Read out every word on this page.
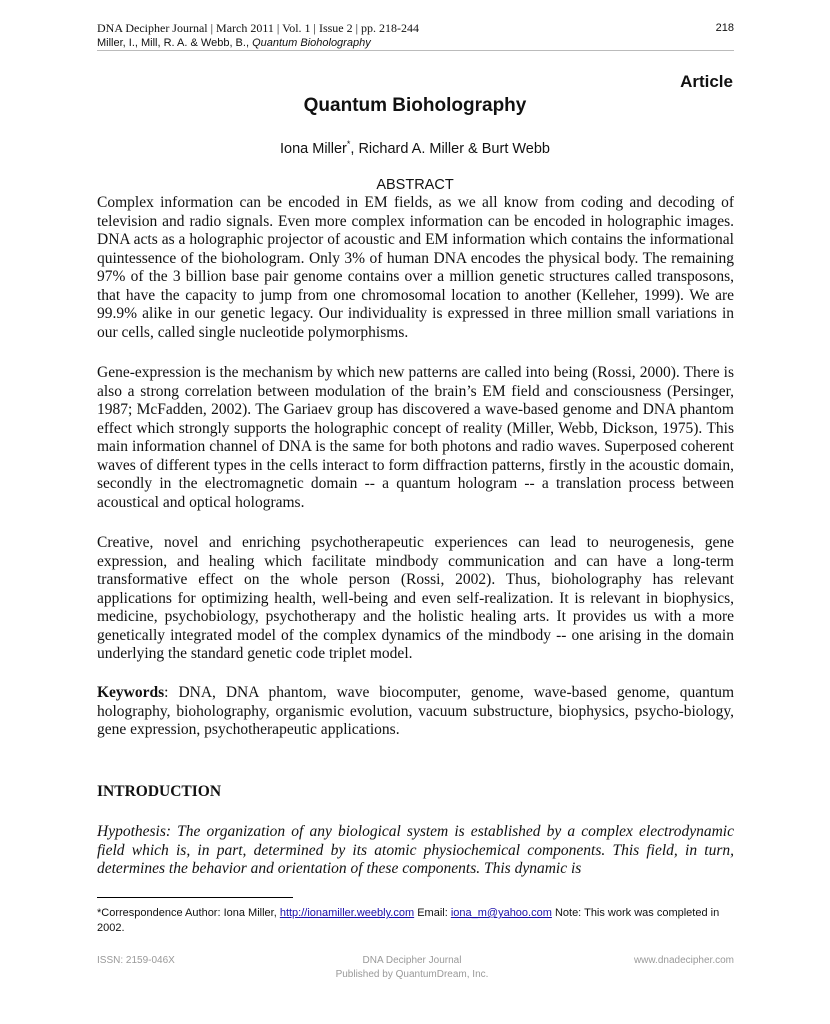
DNA Decipher Journal | March 2011 | Vol. 1 | Issue 2 | pp. 218-244
Miller, I., Mill, R. A. & Webb, B., Quantum Biohologrаphy
218
Article
Quantum Biohologrаphy
Iona Miller*, Richard A. Miller & Burt Webb
ABSTRACT
Complex information can be encoded in EM fields, as we all know from coding and decoding of television and radio signals. Even more complex information can be encoded in holographic images. DNA acts as a holographic projector of acoustic and EM information which contains the informational quintessence of the biohologram. Only 3% of human DNA encodes the physical body. The remaining 97% of the 3 billion base pair genome contains over a million genetic structures called transposons, that have the capacity to jump from one chromosomal location to another (Kelleher, 1999). We are 99.9% alike in our genetic legacy. Our individuality is expressed in three million small variations in our cells, called single nucleotide polymorphisms.
Gene-expression is the mechanism by which new patterns are called into being (Rossi, 2000). There is also a strong correlation between modulation of the brain’s EM field and consciousness (Persinger, 1987; McFadden, 2002). The Gariaev group has discovered a wave-based genome and DNA phantom effect which strongly supports the holographic concept of reality (Miller, Webb, Dickson, 1975). This main information channel of DNA is the same for both photons and radio waves. Superposed coherent waves of different types in the cells interact to form diffraction patterns, firstly in the acoustic domain, secondly in the electromagnetic domain -- a quantum hologram -- a translation process between acoustical and optical holograms.
Creative, novel and enriching psychotherapeutic experiences can lead to neurogenesis, gene expression, and healing which facilitate mindbody communication and can have a long-term transformative effect on the whole person (Rossi, 2002). Thus, biohologrаphy has relevant applications for optimizing health, well-being and even self-realization. It is relevant in biophysics, medicine, psychobiology, psychotherapy and the holistic healing arts. It provides us with a more genetically integrated model of the complex dynamics of the mindbody -- one arising in the domain underlying the standard genetic code triplet model.
Keywords: DNA, DNA phantom, wave biocomputer, genome, wave-based genome, quantum holography, biohologrаphy, organismic evolution, vacuum substructure, biophysics, psycho-biology, gene expression, psychotherapeutic applications.
INTRODUCTION
Hypothesis: The organization of any biological system is established by a complex electrodynamic field which is, in part, determined by its atomic physiochemical components. This field, in turn, determines the behavior and orientation of these components. This dynamic is
*Correspondence Author: Iona Miller, http://ionamiller.weebly.com Email: iona_m@yahoo.com Note: This work was completed in 2002.
ISSN: 2159-046X	DNA Decipher Journal
Published by QuantumDream, Inc.
www.dnadecipher.com
